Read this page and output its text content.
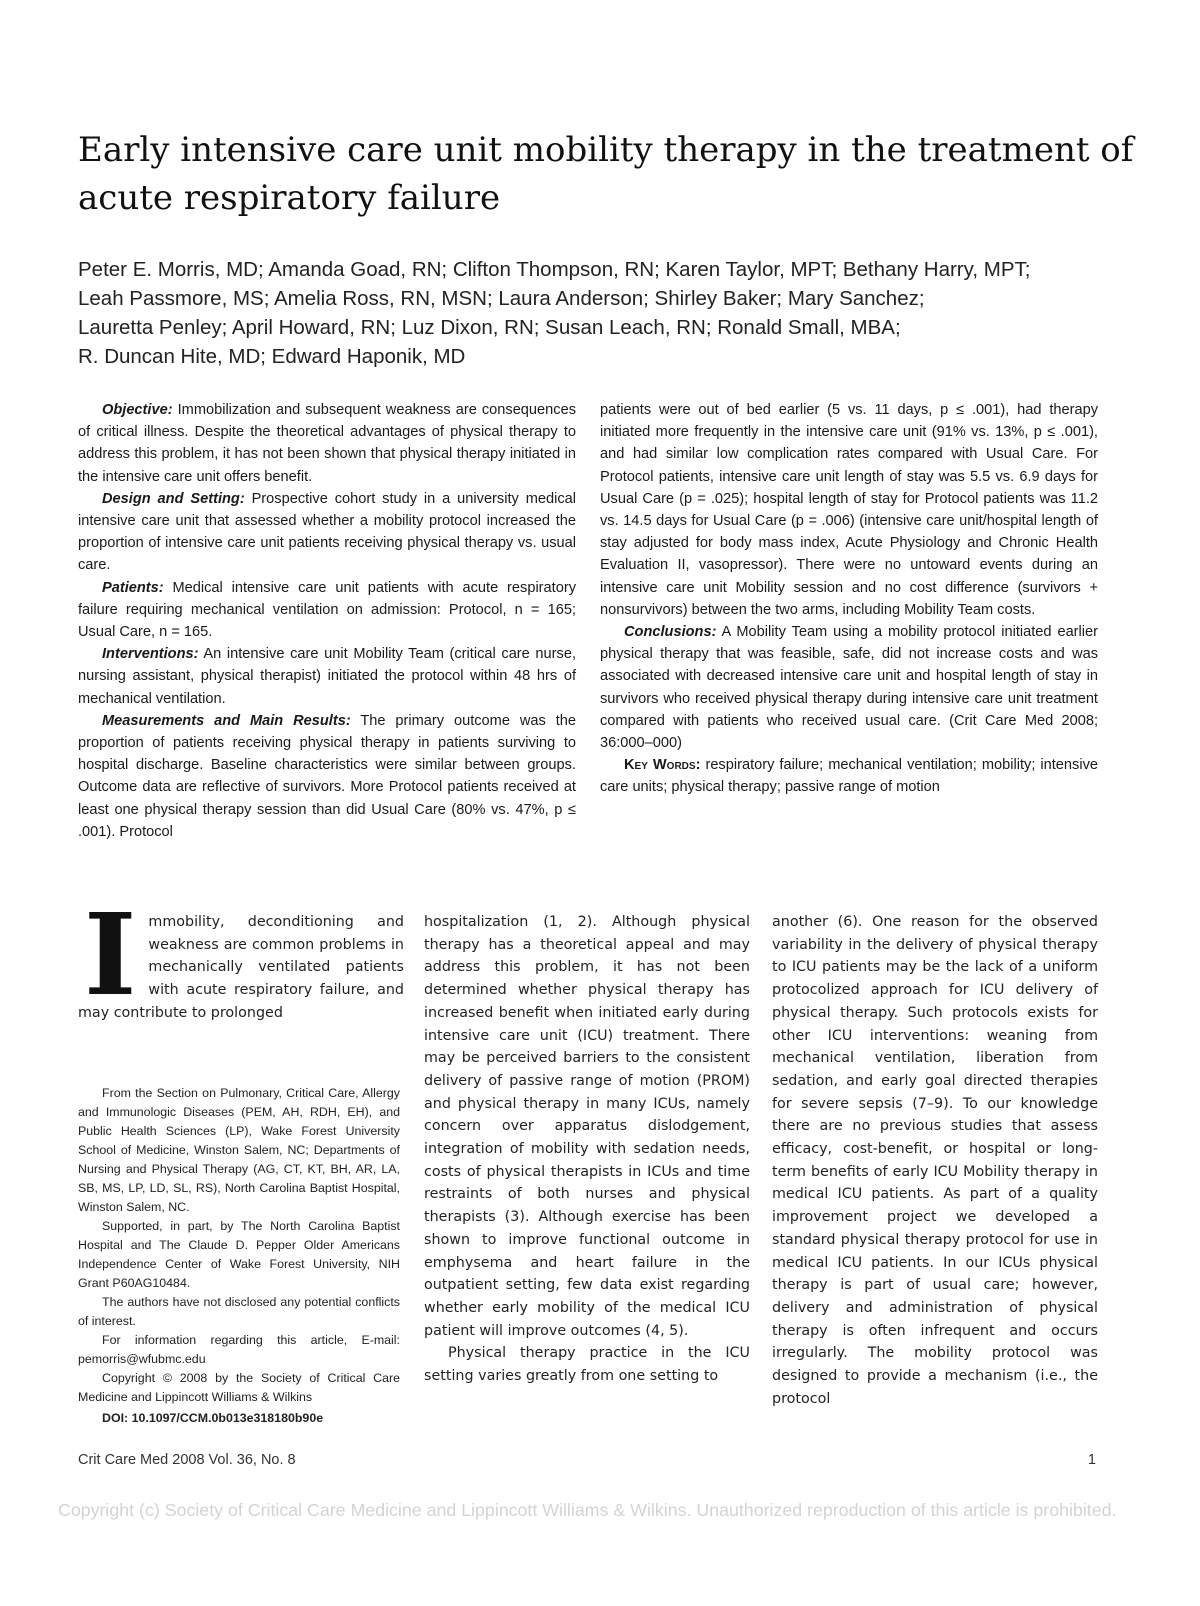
Early intensive care unit mobility therapy in the treatment of
acute respiratory failure
Peter E. Morris, MD; Amanda Goad, RN; Clifton Thompson, RN; Karen Taylor, MPT; Bethany Harry, MPT;
Leah Passmore, MS; Amelia Ross, RN, MSN; Laura Anderson; Shirley Baker; Mary Sanchez;
Lauretta Penley; April Howard, RN; Luz Dixon, RN; Susan Leach, RN; Ronald Small, MBA;
R. Duncan Hite, MD; Edward Haponik, MD

Objective: Immobilization and subsequent weakness are consequences of critical illness. Despite the theoretical advantages of physical therapy to address this problem, it has not been shown that physical therapy initiated in the intensive care unit offers benefit.

Design and Setting: Prospective cohort study in a university medical intensive care unit that assessed whether a mobility protocol increased the proportion of intensive care unit patients receiving physical therapy vs. usual care.

Patients: Medical intensive care unit patients with acute respiratory failure requiring mechanical ventilation on admission: Protocol, n = 165; Usual Care, n = 165.

Interventions: An intensive care unit Mobility Team (critical care nurse, nursing assistant, physical therapist) initiated the protocol within 48 hrs of mechanical ventilation.

Measurements and Main Results: The primary outcome was the proportion of patients receiving physical therapy in patients surviving to hospital discharge. Baseline characteristics were similar between groups. Outcome data are reflective of survivors. More Protocol patients received at least one physical therapy session than did Usual Care (80% vs. 47%, p ≤ .001). Protocol

patients were out of bed earlier (5 vs. 11 days, p ≤ .001), had therapy initiated more frequently in the intensive care unit (91% vs. 13%, p ≤ .001), and had similar low complication rates compared with Usual Care. For Protocol patients, intensive care unit length of stay was 5.5 vs. 6.9 days for Usual Care (p = .025); hospital length of stay for Protocol patients was 11.2 vs. 14.5 days for Usual Care (p = .006) (intensive care unit/hospital length of stay adjusted for body mass index, Acute Physiology and Chronic Health Evaluation II, vasopressor). There were no untoward events during an intensive care unit Mobility session and no cost difference (survivors + nonsurvivors) between the two arms, including Mobility Team costs.

Conclusions: A Mobility Team using a mobility protocol initiated earlier physical therapy that was feasible, safe, did not increase costs and was associated with decreased intensive care unit and hospital length of stay in survivors who received physical therapy during intensive care unit treatment compared with patients who received usual care. (Crit Care Med 2008; 36:000–000)

Key Words: respiratory failure; mechanical ventilation; mobility; intensive care units; physical therapy; passive range of motion

Immobility, deconditioning and weakness are common problems in mechanically ventilated patients with acute respiratory failure, and may contribute to prolonged

hospitalization (1, 2). Although physical therapy has a theoretical appeal and may address this problem, it has not been determined whether physical therapy has increased benefit when initiated early during intensive care unit (ICU) treatment. There may be perceived barriers to the consistent delivery of passive range of motion (PROM) and physical therapy in many ICUs, namely concern over apparatus dislodgement, integration of mobility with sedation needs, costs of physical therapists in ICUs and time restraints of both nurses and physical therapists (3). Although exercise has been shown to improve functional outcome in emphysema and heart failure in the outpatient setting, few data exist regarding whether early mobility of the medical ICU patient will improve outcomes (4, 5).

Physical therapy practice in the ICU setting varies greatly from one setting to

another (6). One reason for the observed variability in the delivery of physical therapy to ICU patients may be the lack of a uniform protocolized approach for ICU delivery of physical therapy. Such protocols exists for other ICU interventions: weaning from mechanical ventilation, liberation from sedation, and early goal directed therapies for severe sepsis (7–9). To our knowledge there are no previous studies that assess efficacy, cost-benefit, or hospital or long-term benefits of early ICU Mobility therapy in medical ICU patients. As part of a quality improvement project we developed a standard physical therapy protocol for use in medical ICU patients. In our ICUs physical therapy is part of usual care; however, delivery and administration of physical therapy is often infrequent and occurs irregularly. The mobility protocol was designed to provide a mechanism (i.e., the protocol

From the Section on Pulmonary, Critical Care, Allergy and Immunologic Diseases (PEM, AH, RDH, EH), and Public Health Sciences (LP), Wake Forest University School of Medicine, Winston Salem, NC; Departments of Nursing and Physical Therapy (AG, CT, KT, BH, AR, LA, SB, MS, LP, LD, SL, RS), North Carolina Baptist Hospital, Winston Salem, NC.

Supported, in part, by The North Carolina Baptist Hospital and The Claude D. Pepper Older Americans Independence Center of Wake Forest University, NIH Grant P60AG10484.

The authors have not disclosed any potential conflicts of interest.

For information regarding this article, E-mail: pemorris@wfubmc.edu

Copyright © 2008 by the Society of Critical Care Medicine and Lippincott Williams & Wilkins

DOI: 10.1097/CCM.0b013e318180b90e

Crit Care Med 2008 Vol. 36, No. 8	1
Copyright (c) Society of Critical Care Medicine and Lippincott Williams & Wilkins. Unauthorized reproduction of this article is prohibited.
